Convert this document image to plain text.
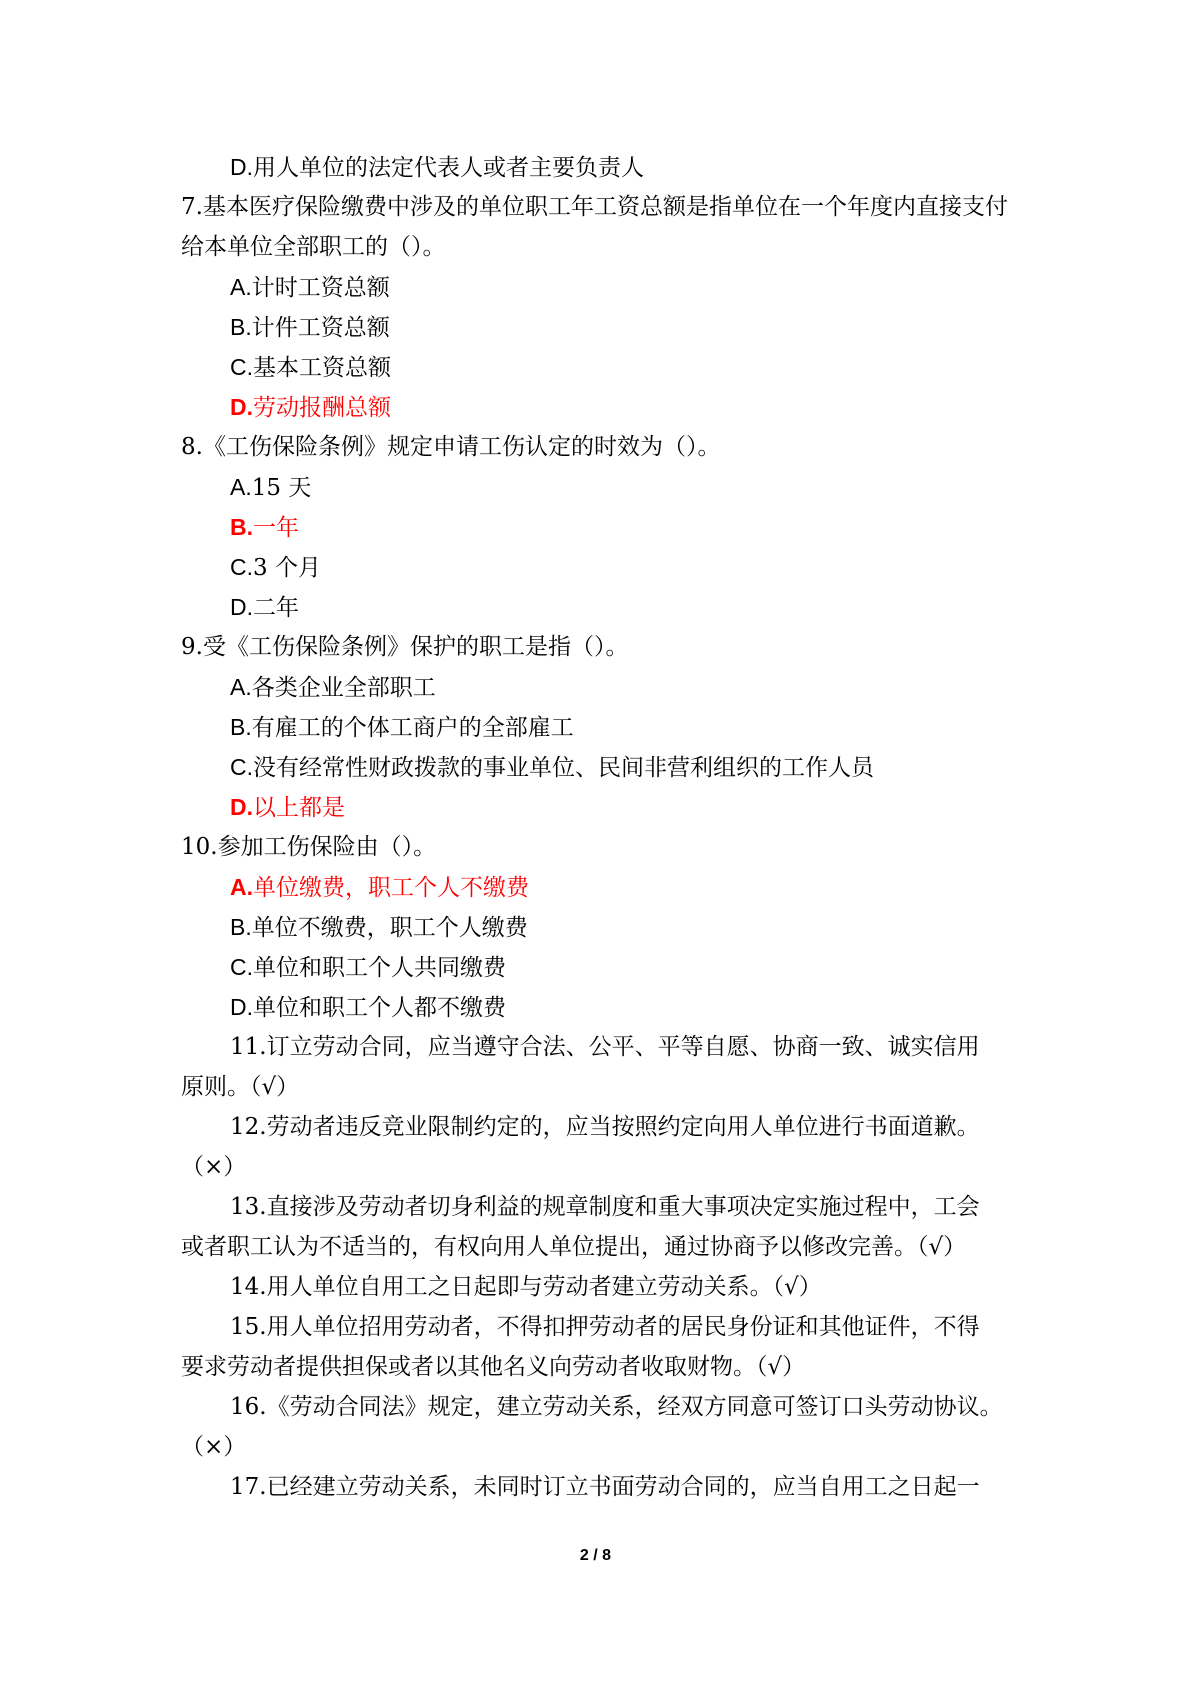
D.用人单位的法定代表人或者主要负责人
7.基本医疗保险缴费中涉及的单位职工年工资总额是指单位在一个年度内直接支付给本单位全部职工的（）。
A.计时工资总额
B.计件工资总额
C.基本工资总额
D.劳动报酬总额
8.《工伤保险条例》规定申请工伤认定的时效为（）。
A.15 天
B.一年
C.3 个月
D.二年
9.受《工伤保险条例》保护的职工是指（）。
A.各类企业全部职工
B.有雇工的个体工商户的全部雇工
C.没有经常性财政拨款的事业单位、民间非营利组织的工作人员
D.以上都是
10.参加工伤保险由（）。
A.单位缴费，职工个人不缴费
B.单位不缴费，职工个人缴费
C.单位和职工个人共同缴费
D.单位和职工个人都不缴费
11.订立劳动合同，应当遵守合法、公平、平等自愿、协商一致、诚实信用
原则。（√）
12.劳动者违反竞业限制约定的，应当按照约定向用人单位进行书面道歉。
（×）
13.直接涉及劳动者切身利益的规章制度和重大事项决定实施过程中，工会
或者职工认为不适当的，有权向用人单位提出，通过协商予以修改完善。（√）
14.用人单位自用工之日起即与劳动者建立劳动关系。（√）
15.用人单位招用劳动者，不得扣押劳动者的居民身份证和其他证件，不得
要求劳动者提供担保或者以其他名义向劳动者收取财物。（√）
16.《劳动合同法》规定，建立劳动关系，经双方同意可签订口头劳动协议。
（×）
17.已经建立劳动关系，未同时订立书面劳动合同的，应当自用工之日起一
2 / 8
